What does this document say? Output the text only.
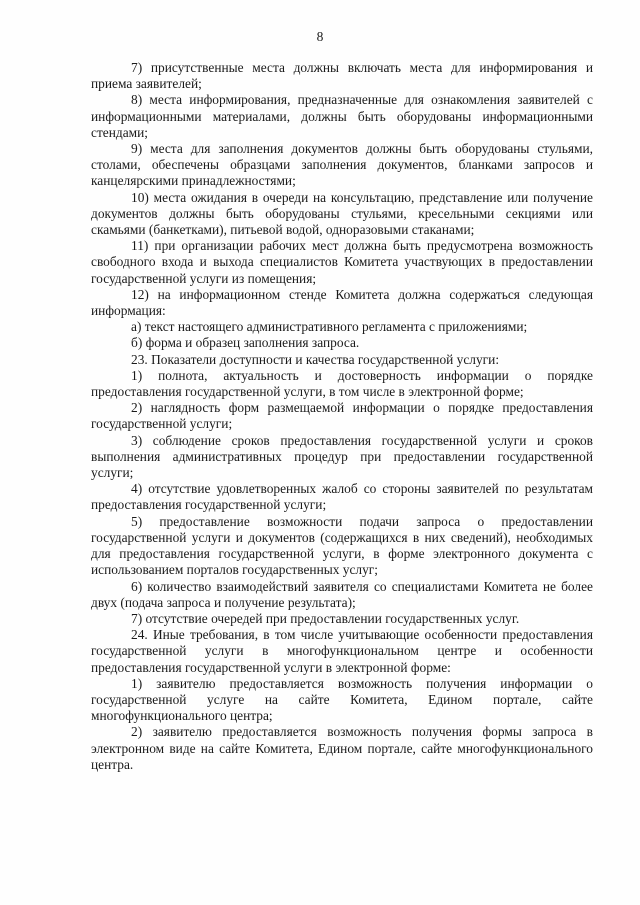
8

7) присутственные места должны включать места для информирования и приема заявителей;

8) места информирования, предназначенные для ознакомления заявителей с информационными материалами, должны быть оборудованы информационными стендами;

9) места для заполнения документов должны быть оборудованы стульями, столами, обеспечены образцами заполнения документов, бланками запросов и канцелярскими принадлежностями;

10) места ожидания в очереди на консультацию, представление или получение документов должны быть оборудованы стульями, кресельными секциями или скамьями (банкетками), питьевой водой, одноразовыми стаканами;

11) при организации рабочих мест должна быть предусмотрена возможность свободного входа и выхода специалистов Комитета участвующих в предоставлении государственной услуги из помещения;

12) на информационном стенде Комитета должна содержаться следующая информация:

а) текст настоящего административного регламента с приложениями;

б) форма и образец заполнения запроса.

23. Показатели доступности и качества государственной услуги:

1) полнота, актуальность и достоверность информации о порядке предоставления государственной услуги, в том числе в электронной форме;

2) наглядность форм размещаемой информации о порядке предоставления государственной услуги;

3) соблюдение сроков предоставления государственной услуги и сроков выполнения административных процедур при предоставлении государственной услуги;

4) отсутствие удовлетворенных жалоб со стороны заявителей по результатам предоставления государственной услуги;

5) предоставление возможности подачи запроса о предоставлении государственной услуги и документов (содержащихся в них сведений), необходимых для предоставления государственной услуги, в форме электронного документа с использованием порталов государственных услуг;

6) количество взаимодействий заявителя со специалистами Комитета не более двух (подача запроса и получение результата);

7) отсутствие очередей при предоставлении государственных услуг.

24. Иные требования, в том числе учитывающие особенности предоставления государственной услуги в многофункциональном центре и особенности предоставления государственной услуги в электронной форме:

1) заявителю предоставляется возможность получения информации о государственной услуге на сайте Комитета, Едином портале, сайте многофункционального центра;

2) заявителю предоставляется возможность получения формы запроса в электронном виде на сайте Комитета, Едином портале, сайте многофункционального центра.
